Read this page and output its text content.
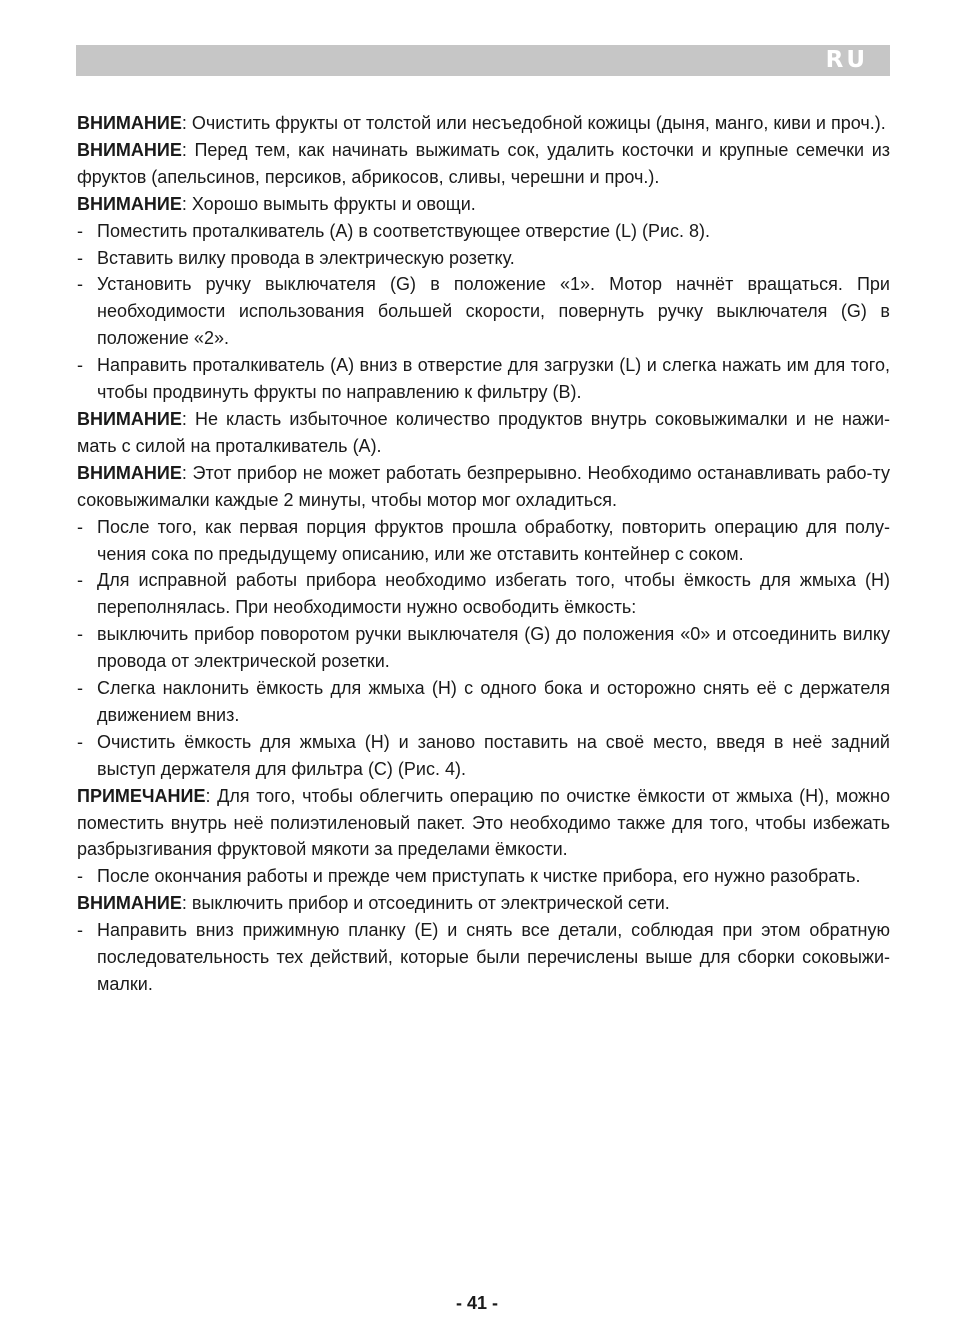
RU

ВНИМАНИЕ: Очистить фрукты от толстой или несъедобной кожицы (дыня, манго, киви и проч.).

ВНИМАНИЕ: Перед тем, как начинать выжимать сок, удалить косточки и крупные семечки из фруктов (апельсинов, персиков, абрикосов, сливы, черешни и проч.).

ВНИМАНИЕ: Хорошо вымыть фрукты и овощи.

- Поместить проталкиватель (A) в соответствующее отверстие (L) (Рис. 8).

- Вставить вилку провода в электрическую розетку.

- Установить ручку выключателя (G) в положение «1». Мотор начнёт вращаться. При необходимости использования большей скорости, повернуть ручку выключателя (G) в положение «2».

- Направить проталкиватель (A) вниз в отверстие для загрузки (L) и слегка нажать им для того, чтобы продвинуть фрукты по направлению к фильтру (B).

ВНИМАНИЕ: Не класть избыточное количество продуктов внутрь соковыжималки и не нажи-мать с силой на проталкиватель (A).

ВНИМАНИЕ: Этот прибор не может работать безпрерывно. Необходимо останавливать рабо-ту соковыжималки каждые 2 минуты, чтобы мотор мог охладиться.

- После того, как первая порция фруктов прошла обработку, повторить операцию для полу-чения сока по предыдущему описанию, или же отставить контейнер с соком.

- Для исправной работы прибора необходимо избегать того, чтобы ёмкость для жмыха (H) переполнялась. При необходимости нужно освободить ёмкость:

- выключить прибор поворотом ручки выключателя (G) до положения «0» и отсоединить вилку провода от электрической розетки.

- Слегка наклонить ёмкость для жмыха (H) с одного бока и осторожно снять её с держателя движением вниз.

- Очистить ёмкость для жмыха (H) и заново поставить на своё место, введя в неё задний выступ держателя для фильтра (C) (Рис. 4).

ПРИМЕЧАНИЕ: Для того, чтобы облегчить операцию по очистке ёмкости от жмыха (H), можно поместить внутрь неё полиэтиленовый пакет. Это необходимо также для того, чтобы избежать разбрызгивания фруктовой мякоти за пределами ёмкости.

- После окончания работы и прежде чем приступать к чистке прибора, его нужно разобрать.

ВНИМАНИЕ: выключить прибор и отсоединить от электрической сети.

- Направить вниз прижимную планку (E) и снять все детали, соблюдая при этом обратную последовательность тех действий, которые были перечислены выше для сборки соковыжи-малки.

- 41 -
